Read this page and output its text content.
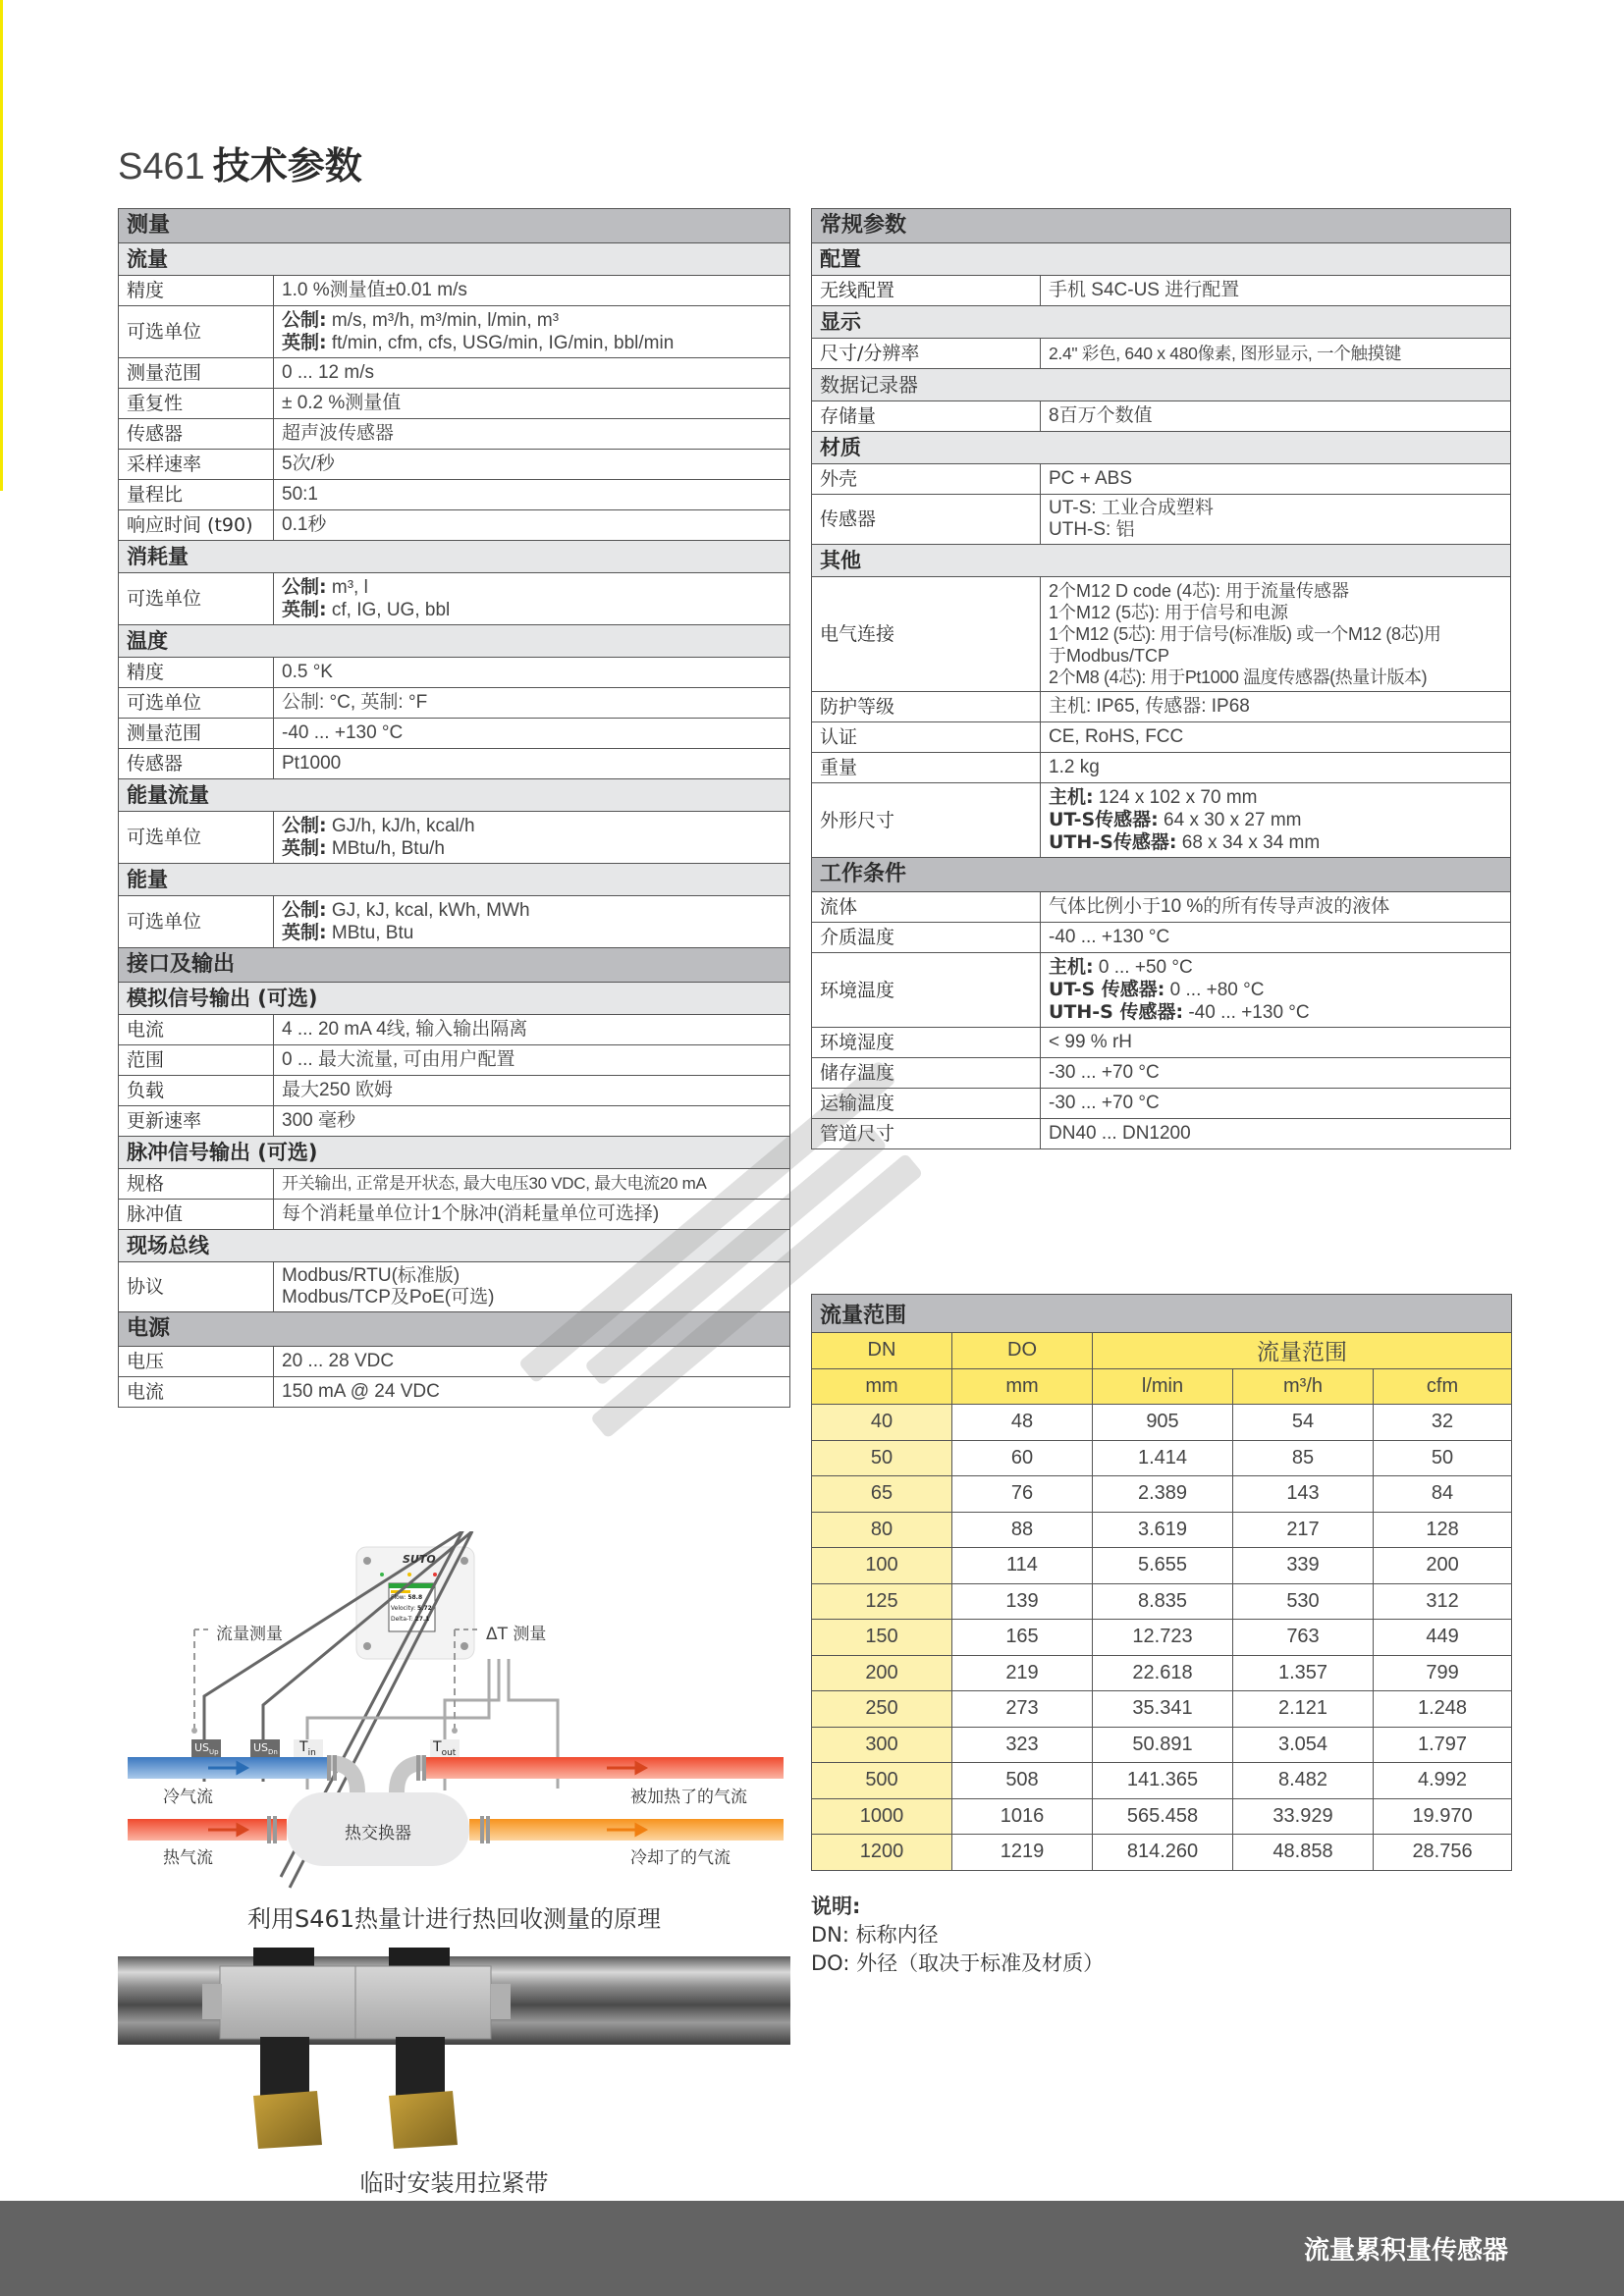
S461 技术参数
测量	
流量	
精度	1.0 %测量值±0.01 m/s
可选单位	公制: m/s, m³/h, m³/min, l/min, m³
英制: ft/min, cfm, cfs, USG/min, IG/min, bbl/min

测量范围	0 ... 12 m/s
重复性	± 0.2 %测量值
传感器	超声波传感器
采样速率	5次/秒
量程比	50:1
响应时间 (t90)	0.1秒
消耗量	
可选单位	公制: m³, l
英制: cf, IG, UG, bbl

温度	
精度	0.5 °K
可选单位	公制: °C, 英制: °F
测量范围	-40 ... +130 °C
传感器	Pt1000
能量流量	
可选单位	公制: GJ/h, kJ/h, kcal/h
英制: MBtu/h, Btu/h

能量	
可选单位	公制: GJ, kJ, kcal, kWh, MWh
英制: MBtu, Btu

接口及输出	
模拟信号输出 (可选)	
电流	4 ... 20 mA 4线, 输入输出隔离
范围	0 ... 最大流量, 可由用户配置
负载	最大250 欧姆
更新速率	300 毫秒
脉冲信号输出 (可选)	
规格	开关输出, 正常是开状态, 最大电压30 VDC, 最大电流20 mA
脉冲值	每个消耗量单位计1个脉冲(消耗量单位可选择)
现场总线	
协议	Modbus/RTU(标准版)
Modbus/TCP及PoE(可选)

电源	
电压	20 ... 28 VDC
电流	150 mA @ 24 VDC
常规参数	
配置	
无线配置	手机 S4C-US 进行配置
显示	
尺寸/分辨率	2.4" 彩色, 640 x 480像素, 图形显示, 一个触摸键
数据记录器	
存储量	8百万个数值
材质	
外壳	PC + ABS
传感器	UT-S: 工业合成塑料
UTH-S: 铝

其他	
电气连接	2个M12 D code (4芯): 用于流量传感器
1个M12 (5芯): 用于信号和电源
1个M12 (5芯): 用于信号(标准版) 或一个M12 (8芯)用
于Modbus/TCP
2个M8 (4芯): 用于Pt1000 温度传感器(热量计版本)

防护等级	主机: IP65, 传感器: IP68
认证	CE, RoHS, FCC
重量	1.2 kg
外形尺寸	主机: 124 x 102 x 70 mm
UT-S传感器: 64 x 30 x 27 mm
UTH-S传感器: 68 x 34 x 34 mm

工作条件	
流体	气体比例小于10 %的所有传导声波的液体
介质温度	-40 ... +130 °C
环境温度	主机: 0 ... +50 °C
UT-S 传感器: 0 ... +80 °C
UTH-S 传感器: -40 ... +130 °C

环境湿度	< 99 % rH
储存温度	-30 ... +70 °C
运输温度	-30 ... +70 °C
管道尺寸	DN40 ... DN1200
流量范围				
DN	DO	流量范围		
mm	mm	l/min	m³/h	cfm
40	48	905	54	32
50	60	1.414	85	50
65	76	2.389	143	84
80	88	3.619	217	128
100	114	5.655	339	200
125	139	8.835	530	312
150	165	12.723	763	449
200	219	22.618	1.357	799
250	273	35.341	2.121	1.248
300	323	50.891	3.054	1.797
500	508	141.365	8.482	4.992
1000	1016	565.458	33.929	19.970
1200	1219	814.260	48.858	28.756
说明:
DN: 标称内径
DO: 外径（取决于标准及材质）
SUTO
Flow: 58.8
Velocity: 5.72
Delta-T: 27.1
流量测量	ΔT 测量
$US_{Up}$	$US_{Dn}$ $T_{in}$	$T_{out}$
冷气流
热气流
被加热了的气流
冷却了的气流
热交换器
利用S461热量计进行热回收测量的原理
临时安装用拉紧带
流量累积量传感器
